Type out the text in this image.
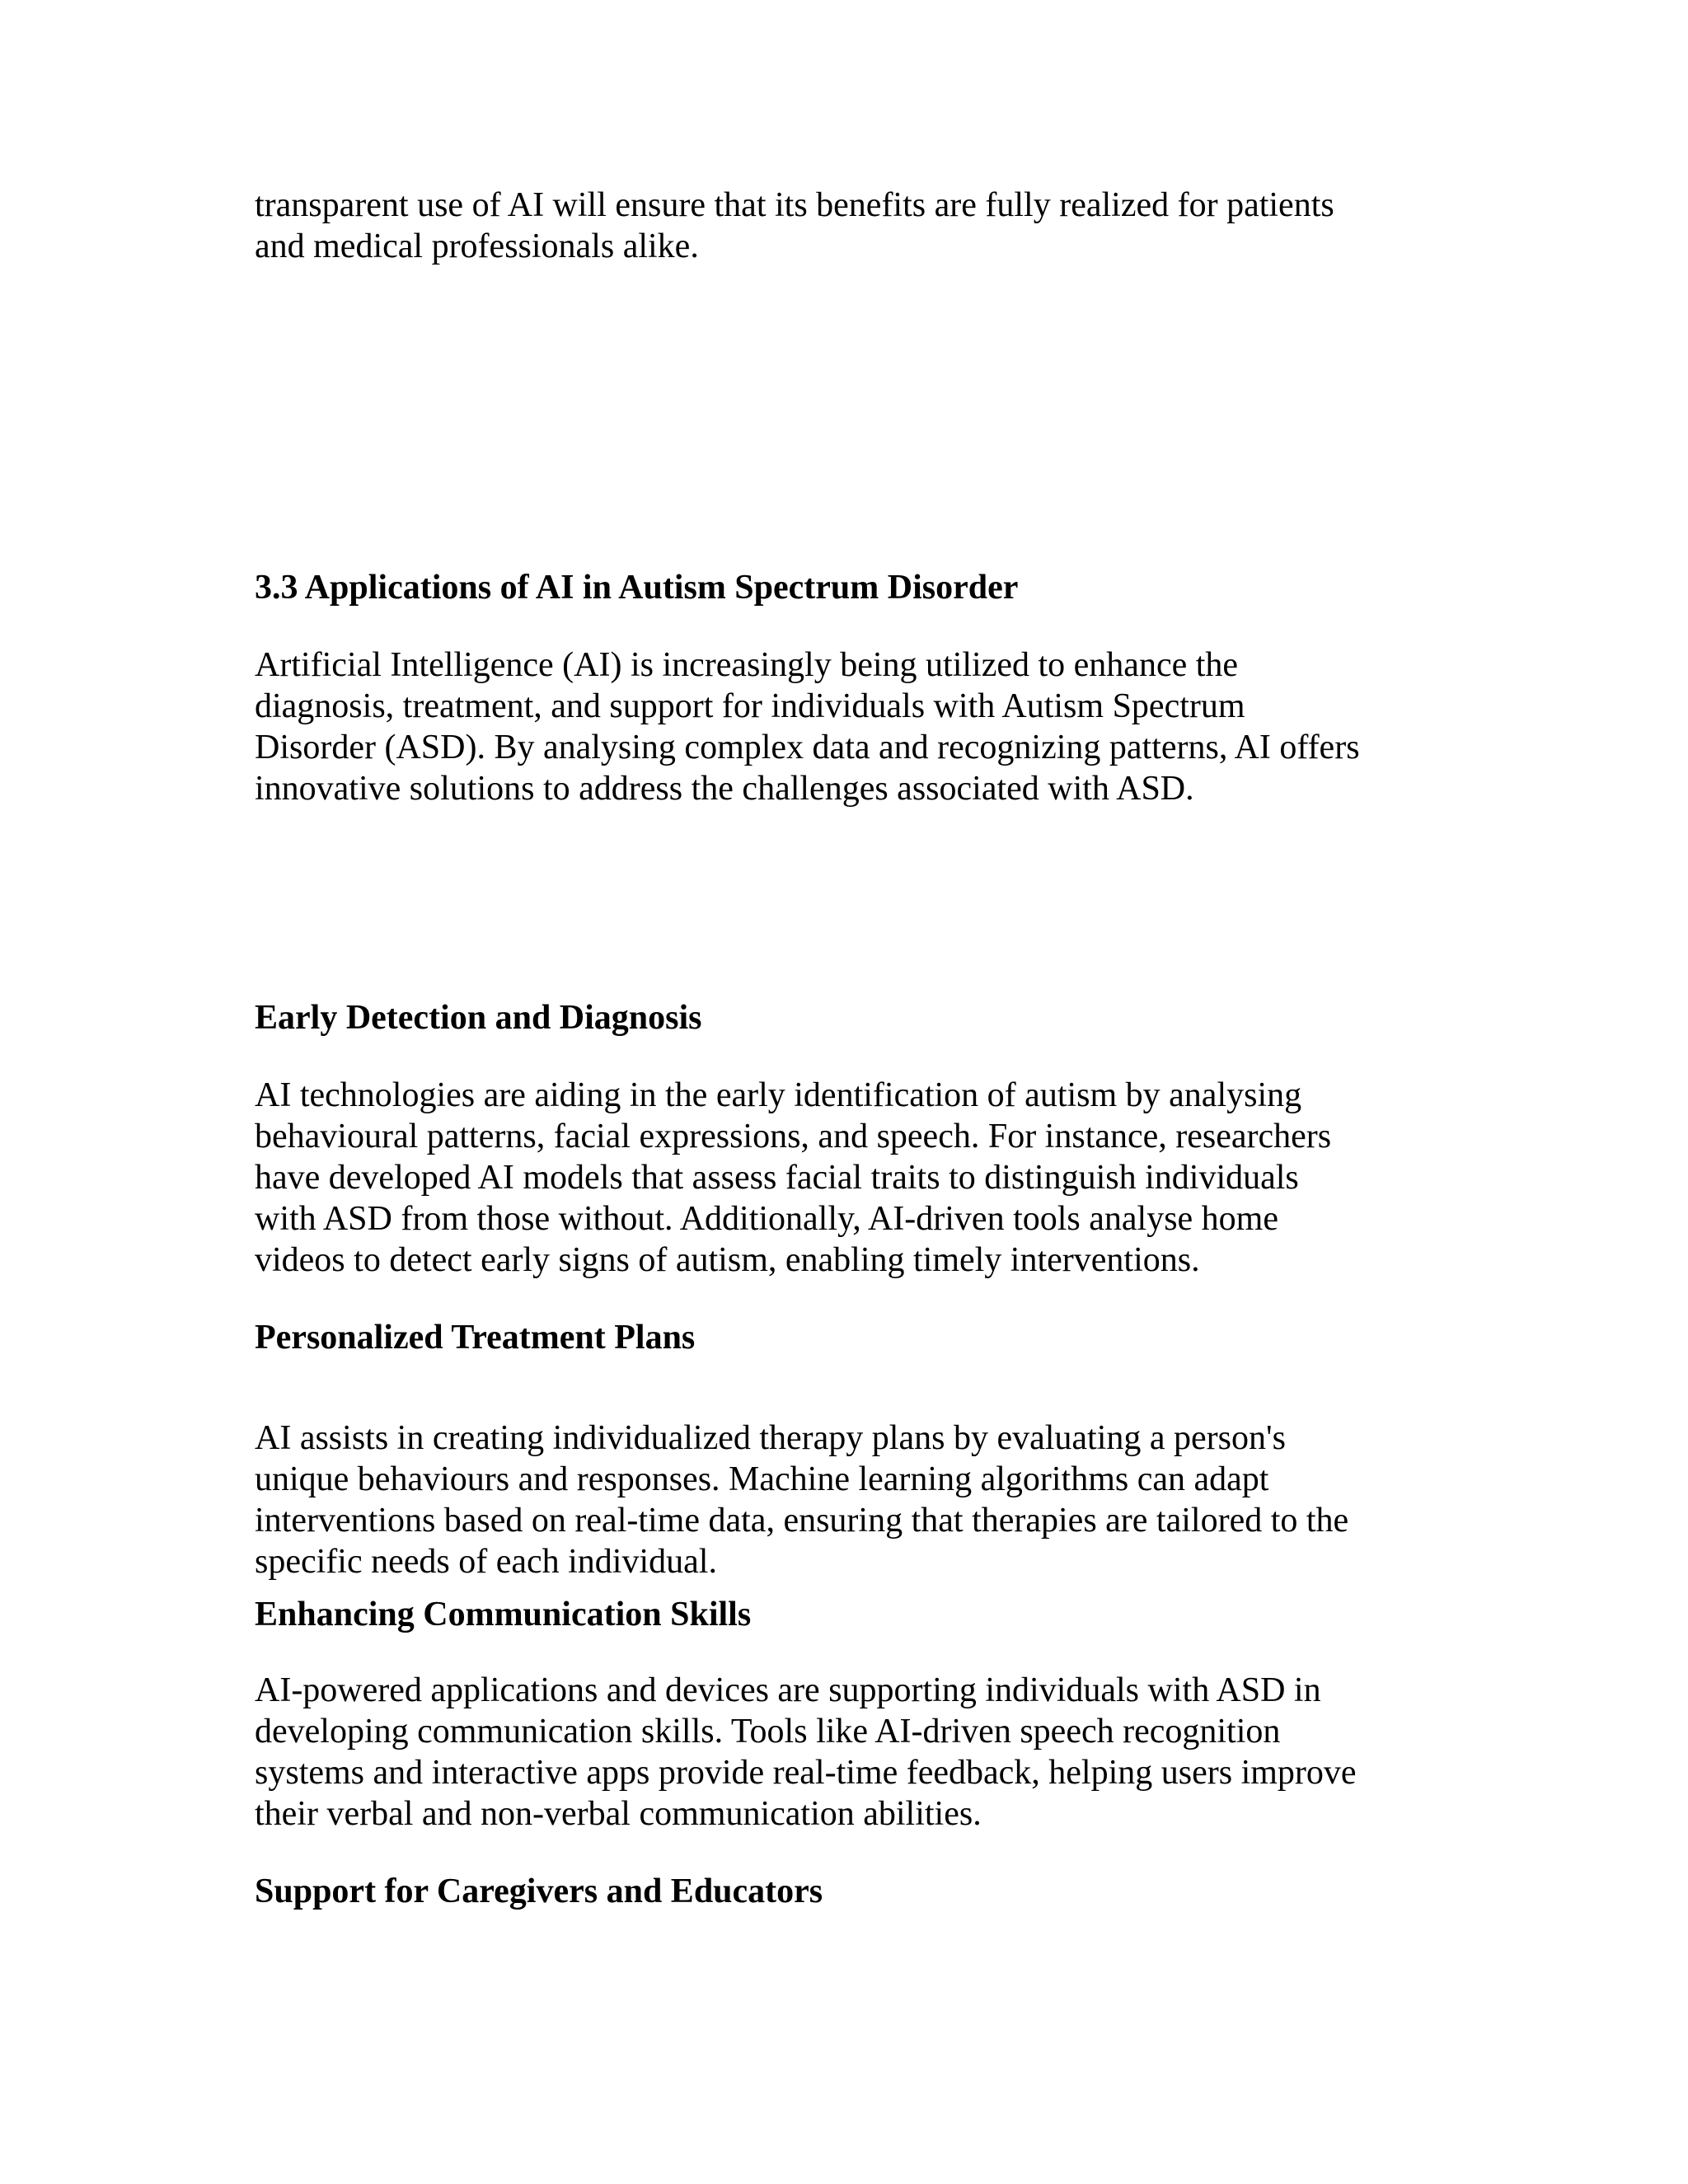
transparent use of AI will ensure that its benefits are fully realized for patients
and medical professionals alike.

3.3 Applications of AI in Autism Spectrum Disorder

Artificial Intelligence (AI) is increasingly being utilized to enhance the
diagnosis, treatment, and support for individuals with Autism Spectrum
Disorder (ASD). By analysing complex data and recognizing patterns, AI offers
innovative solutions to address the challenges associated with ASD.

Early Detection and Diagnosis

AI technologies are aiding in the early identification of autism by analysing
behavioural patterns, facial expressions, and speech. For instance, researchers
have developed AI models that assess facial traits to distinguish individuals
with ASD from those without. Additionally, AI-driven tools analyse home
videos to detect early signs of autism, enabling timely interventions.

Personalized Treatment Plans

AI assists in creating individualized therapy plans by evaluating a person's
unique behaviours and responses. Machine learning algorithms can adapt
interventions based on real-time data, ensuring that therapies are tailored to the
specific needs of each individual.

Enhancing Communication Skills

AI-powered applications and devices are supporting individuals with ASD in
developing communication skills. Tools like AI-driven speech recognition
systems and interactive apps provide real-time feedback, helping users improve
their verbal and non-verbal communication abilities.

Support for Caregivers and Educators
